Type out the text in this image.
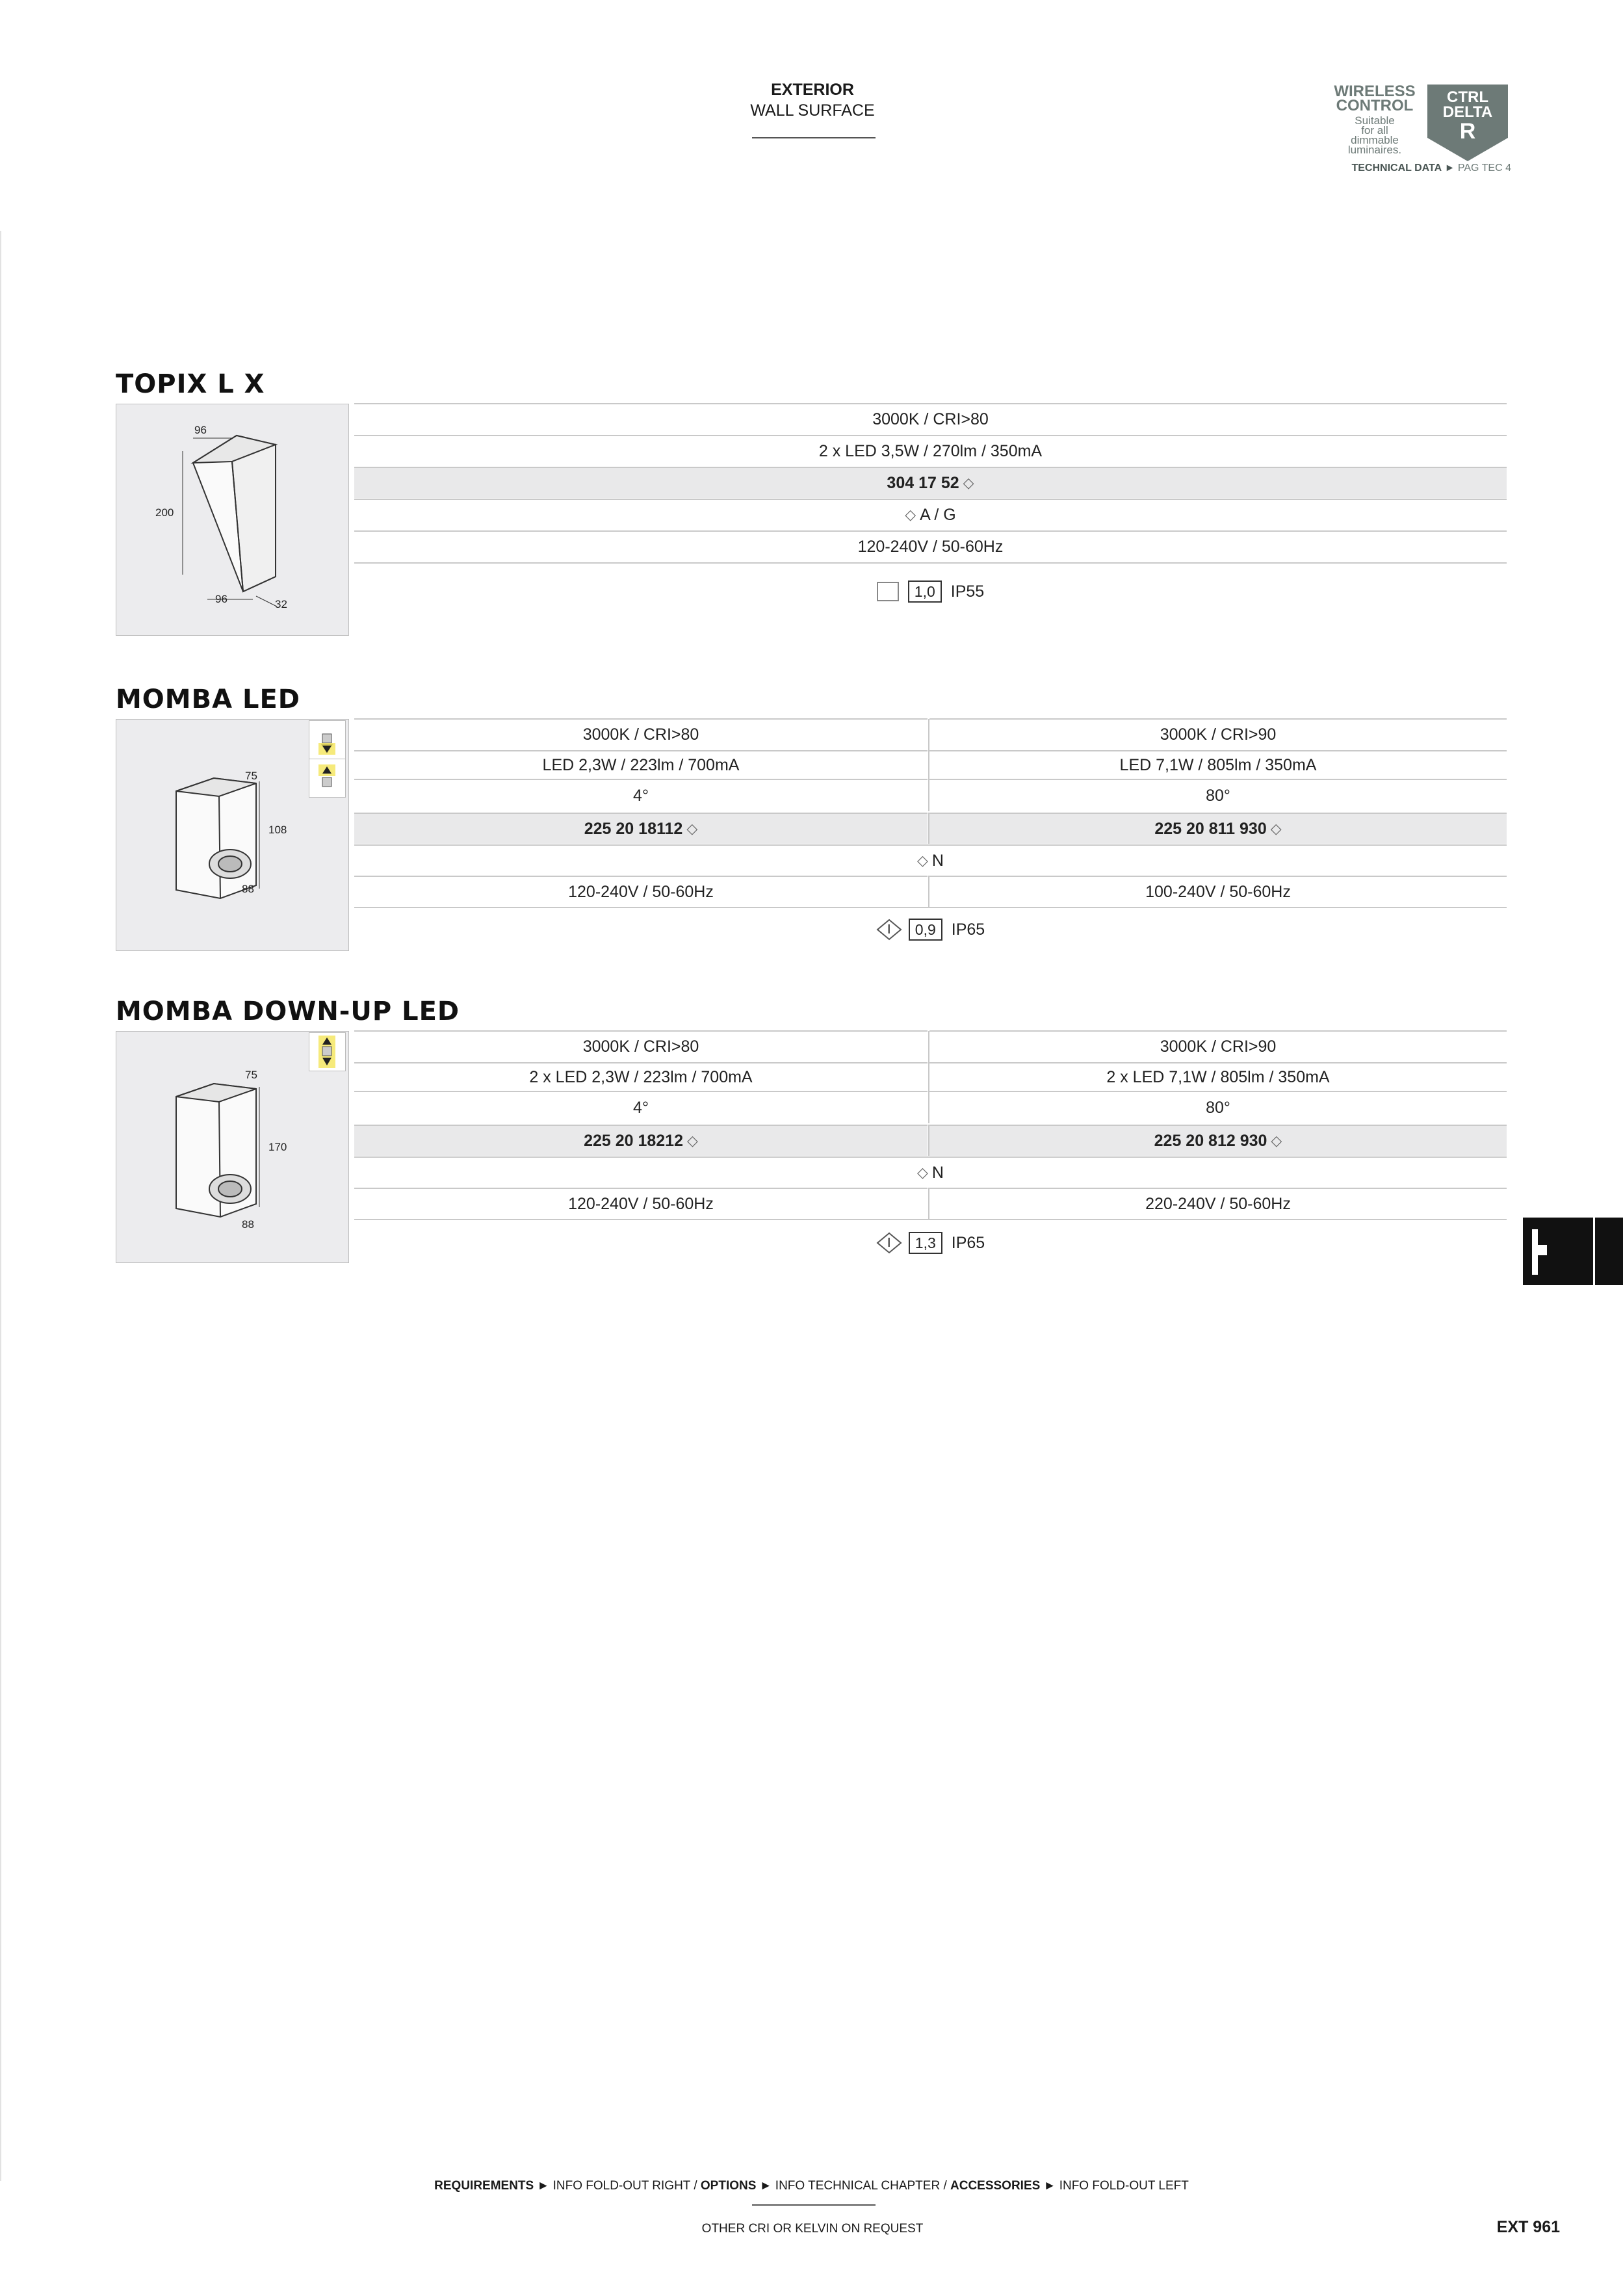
EXTERIOR
WALL SURFACE
WIRELESS
CONTROL
Suitable
for all
dimmable
luminaires.
CTRL
DELTA
R
TECHNICAL DATA ► PAG TEC 4
TOPIX L X
96
200
96	32
3000K / CRI>80
2 x LED 3,5W / 270lm / 350mA
304 17 52 ◇
◇ A / G
120-240V / 50-60Hz
1,0 IP55
MOMBA LED
75
108
88
3000K / CRI>80	3000K / CRI>90
LED 2,3W / 223lm / 700mA	LED 7,1W / 805lm / 350mA
4°	80°
225 20 18112 ◇	225 20 811 930 ◇
◇ N
120-240V / 50-60Hz	100-240V / 50-60Hz
I	0,9 IP65
MOMBA DOWN-UP LED
75
170
88
3000K / CRI>80	3000K / CRI>90
2 x LED 2,3W / 223lm / 700mA	2 x LED 7,1W / 805lm / 350mA
4°	80°
225 20 18212 ◇	225 20 812 930 ◇
◇ N
120-240V / 50-60Hz	220-240V / 50-60Hz
I	1,3 IP65
REQUIREMENTS ► INFO FOLD-OUT RIGHT / OPTIONS ► INFO TECHNICAL CHAPTER / ACCESSORIES ► INFO FOLD-OUT LEFT
OTHER CRI OR KELVIN ON REQUEST	EXT 961
